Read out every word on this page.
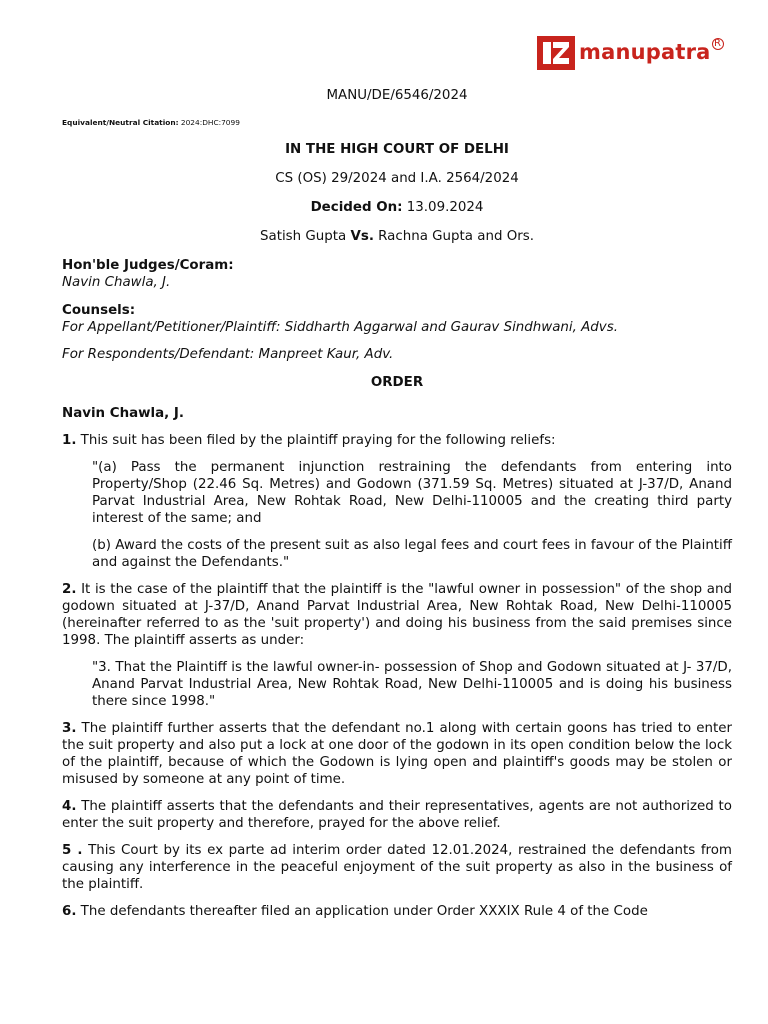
manupatra R
MANU/DE/6546/2024
Equivalent/Neutral Citation: 2024:DHC:7099
IN THE HIGH COURT OF DELHI
CS (OS) 29/2024 and I.A. 2564/2024
Decided On: 13.09.2024
Satish Gupta Vs. Rachna Gupta and Ors.
Hon'ble Judges/Coram:
Navin Chawla, J.
Counsels:
For Appellant/Petitioner/Plaintiff: Siddharth Aggarwal and Gaurav Sindhwani, Advs.
For Respondents/Defendant: Manpreet Kaur, Adv.
ORDER
Navin Chawla, J.

1. This suit has been filed by the plaintiff praying for the following reliefs:

"(a) Pass the permanent injunction restraining the defendants from entering into Property/Shop (22.46 Sq. Metres) and Godown (371.59 Sq. Metres) situated at J-37/D, Anand Parvat Industrial Area, New Rohtak Road, New Delhi-110005 and the creating third party interest of the same; and
(b) Award the costs of the present suit as also legal fees and court fees in favour of the Plaintiff and against the Defendants."

2. It is the case of the plaintiff that the plaintiff is the "lawful owner in possession" of the shop and godown situated at J-37/D, Anand Parvat Industrial Area, New Rohtak Road, New Delhi-110005 (hereinafter referred to as the 'suit property') and doing his business from the said premises since 1998. The plaintiff asserts as under:

"3. That the Plaintiff is the lawful owner-in- possession of Shop and Godown situated at J- 37/D, Anand Parvat Industrial Area, New Rohtak Road, New Delhi-110005 and is doing his business there since 1998."

3. The plaintiff further asserts that the defendant no.1 along with certain goons has tried to enter the suit property and also put a lock at one door of the godown in its open condition below the lock of the plaintiff, because of which the Godown is lying open and plaintiff's goods may be stolen or misused by someone at any point of time.

4. The plaintiff asserts that the defendants and their representatives, agents are not authorized to enter the suit property and therefore, prayed for the above relief.

5 . This Court by its ex parte ad interim order dated 12.01.2024, restrained the defendants from causing any interference in the peaceful enjoyment of the suit property as also in the business of the plaintiff.

6. The defendants thereafter filed an application under Order XXXIX Rule 4 of the Code
